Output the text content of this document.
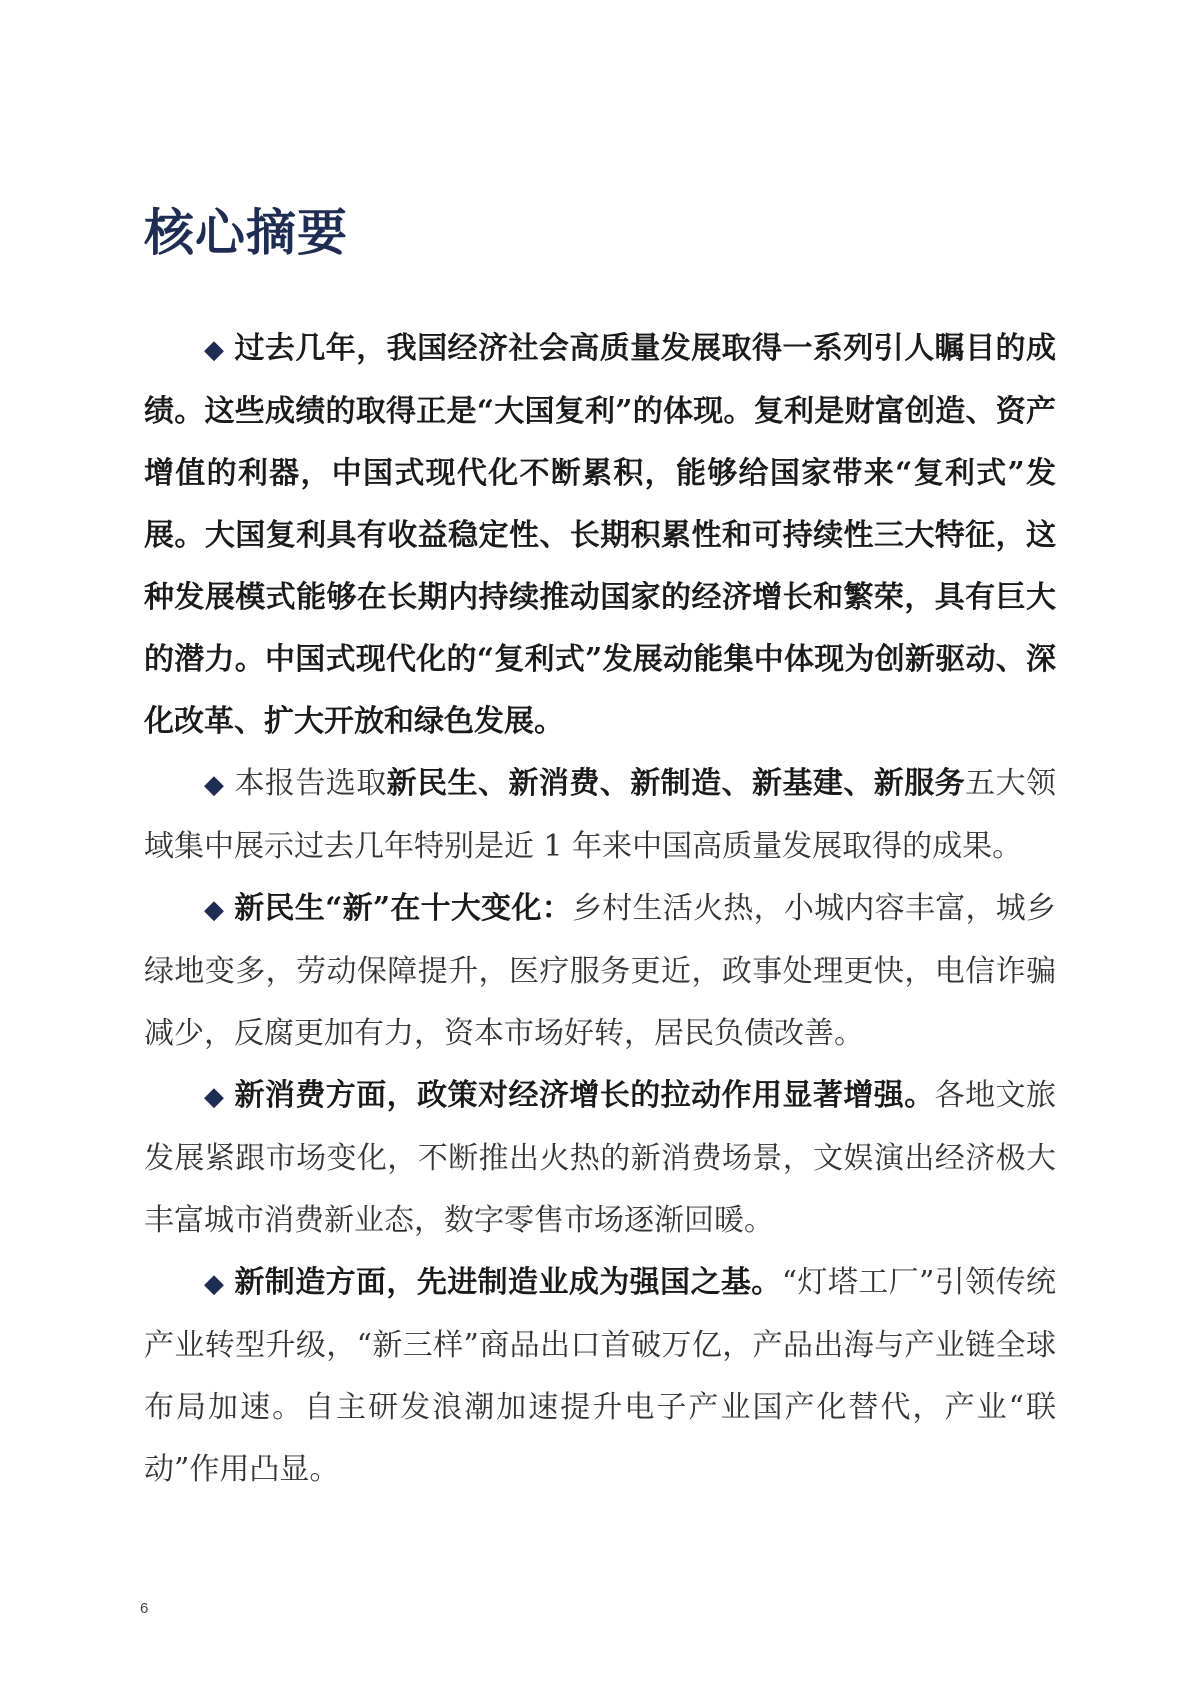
核心摘要

◆ 过去几年，我国经济社会高质量发展取得一系列引人瞩目的成绩。这些成绩的取得正是“大国复利”的体现。复利是财富创造、资产增值的利器，中国式现代化不断累积，能够给国家带来“复利式”发展。大国复利具有收益稳定性、长期积累性和可持续性三大特征，这种发展模式能够在长期内持续推动国家的经济增长和繁荣，具有巨大的潜力。中国式现代化的“复利式”发展动能集中体现为创新驱动、深化改革、扩大开放和绿色发展。

◆ 本报告选取新民生、新消费、新制造、新基建、新服务五大领域集中展示过去几年特别是近 1 年来中国高质量发展取得的成果。

◆ 新民生“新”在十大变化：乡村生活火热，小城内容丰富，城乡绿地变多，劳动保障提升，医疗服务更近，政事处理更快，电信诈骗减少，反腐更加有力，资本市场好转，居民负债改善。

◆ 新消费方面，政策对经济增长的拉动作用显著增强。各地文旅发展紧跟市场变化，不断推出火热的新消费场景，文娱演出经济极大丰富城市消费新业态，数字零售市场逐渐回暖。

◆ 新制造方面，先进制造业成为强国之基。“灯塔工厂”引领传统产业转型升级，“新三样”商品出口首破万亿，产品出海与产业链全球布局加速。自主研发浪潮加速提升电子产业国产化替代，产业“联动”作用凸显。

6
